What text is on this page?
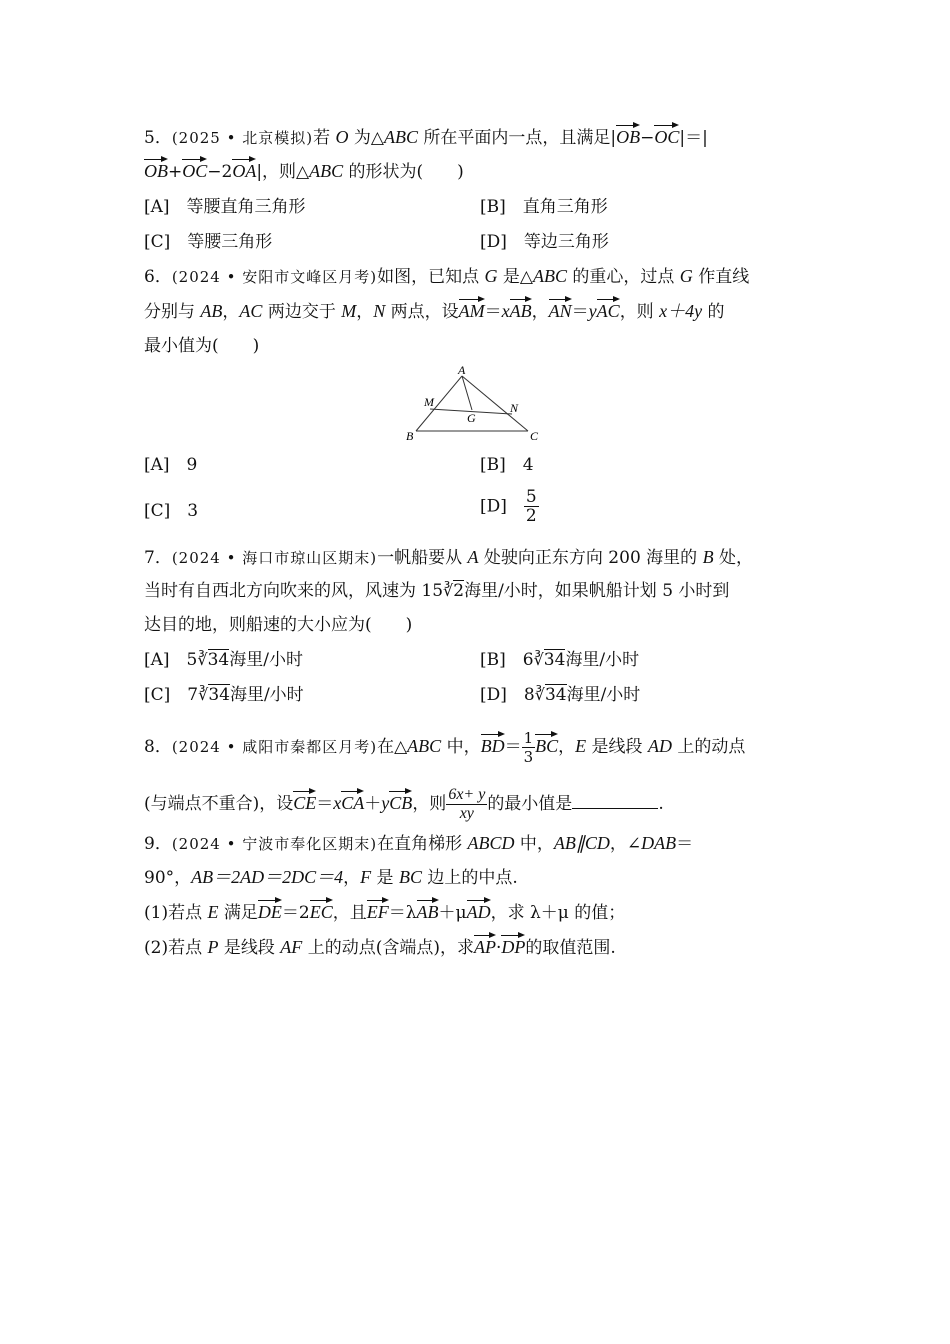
5．(2025 • 北京模拟)若 O 为△ABC 所在平面内一点，且满足|OB−OC|＝|
OB+OC−2OA|，则△ABC 的形状为(　　)
[A]　 等腰直角三角形	[B]　 直角三角形
[C]　 等腰三角形	[D]　 等边三角形
6．(2024 • 安阳市文峰区月考)如图，已知点 G 是△ABC 的重心，过点 G 作直线
分别与 AB，AC 两边交于 M，N 两点，设AM＝xAB，AN＝yAC，则 x＋4y 的
最小值为(　　)
A
B	C
M	N
G
[A]　 9	[B]　 4
[C]　 3	[D]　 $\frac{5}{2}$
7．(2024 • 海口市琼山区期末)一帆船要从 A 处驶向正东方向 200 海里的 B 处，
当时有自西北方向吹来的风，风速为 15∛2海里/小时，如果帆船计划 5 小时到
达目的地，则船速的大小应为(　　)
[A]　 5∛34海里/小时	[B]　 6∛34海里/小时
[C]　 7∛34海里/小时	[D]　 8∛34海里/小时
8．(2024 • 咸阳市秦都区月考)在△ABC 中，$BD= \frac{1}{3}$ BC，E 是线段 AD 上的动点
(与端点不重合)，设CE＝xCA＋yCB，则 $\frac{6x+ y}{xy}$ 的最小值是	.
9．(2024 • 宁波市奉化区期末)在直角梯形 ABCD 中，AB∥CD，∠DAB＝
90°，AB＝2AD＝2DC＝4，F 是 BC 边上的中点.
(1)若点 E 满足DE＝2EC，且EF＝λAB＋μAD，求 λ＋μ 的值；
(2)若点 P 是线段 AF 上的动点(含端点)，求AP·DP的取值范围.
